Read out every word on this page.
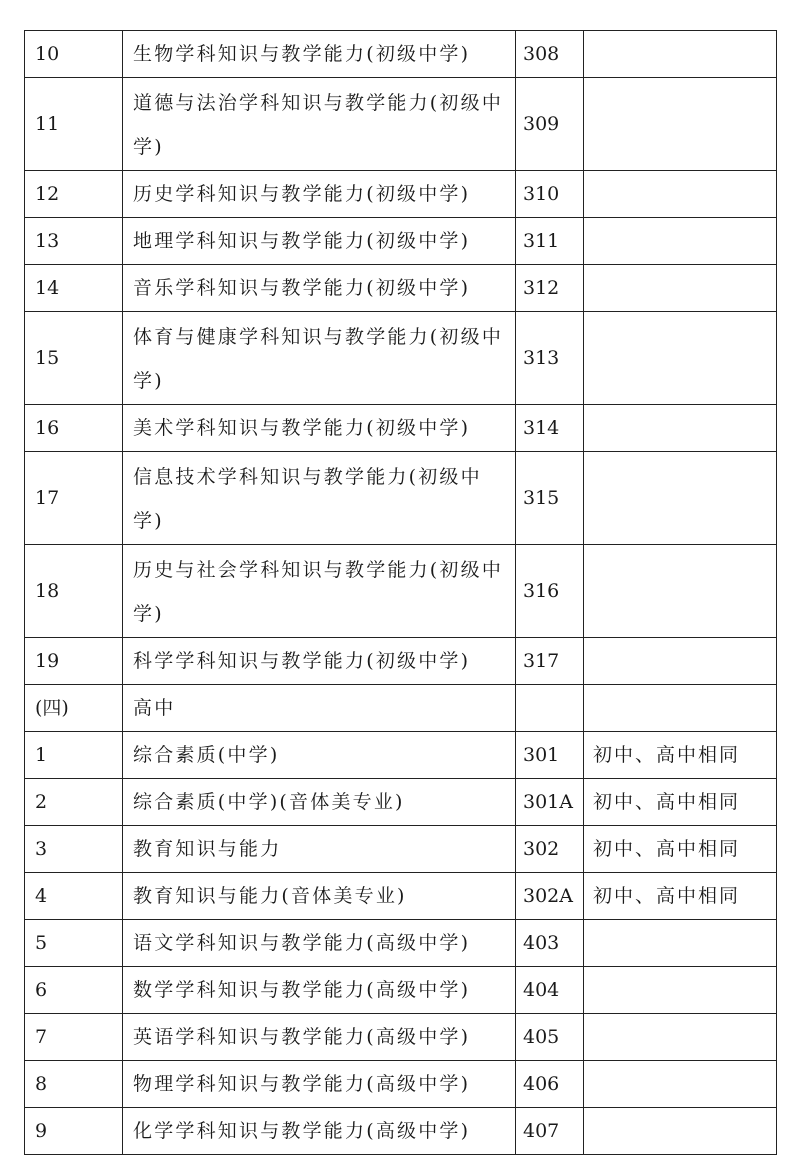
10	生物学科知识与教学能力(初级中学)	308	
11	道德与法治学科知识与教学能力(初级中学)	309	
12	历史学科知识与教学能力(初级中学)	310	
13	地理学科知识与教学能力(初级中学)	311	
14	音乐学科知识与教学能力(初级中学)	312	
15	体育与健康学科知识与教学能力(初级中学)	313	
16	美术学科知识与教学能力(初级中学)	314	
17	信息技术学科知识与教学能力(初级中学)	315	
18	历史与社会学科知识与教学能力(初级中学)	316	
19	科学学科知识与教学能力(初级中学)	317	
(四)	高中		
1	综合素质(中学)	301	初中、高中相同
2	综合素质(中学)(音体美专业)	301A	初中、高中相同
3	教育知识与能力	302	初中、高中相同
4	教育知识与能力(音体美专业)	302A	初中、高中相同
5	语文学科知识与教学能力(高级中学)	403	
6	数学学科知识与教学能力(高级中学)	404	
7	英语学科知识与教学能力(高级中学)	405	
8	物理学科知识与教学能力(高级中学)	406	
9	化学学科知识与教学能力(高级中学)	407	
